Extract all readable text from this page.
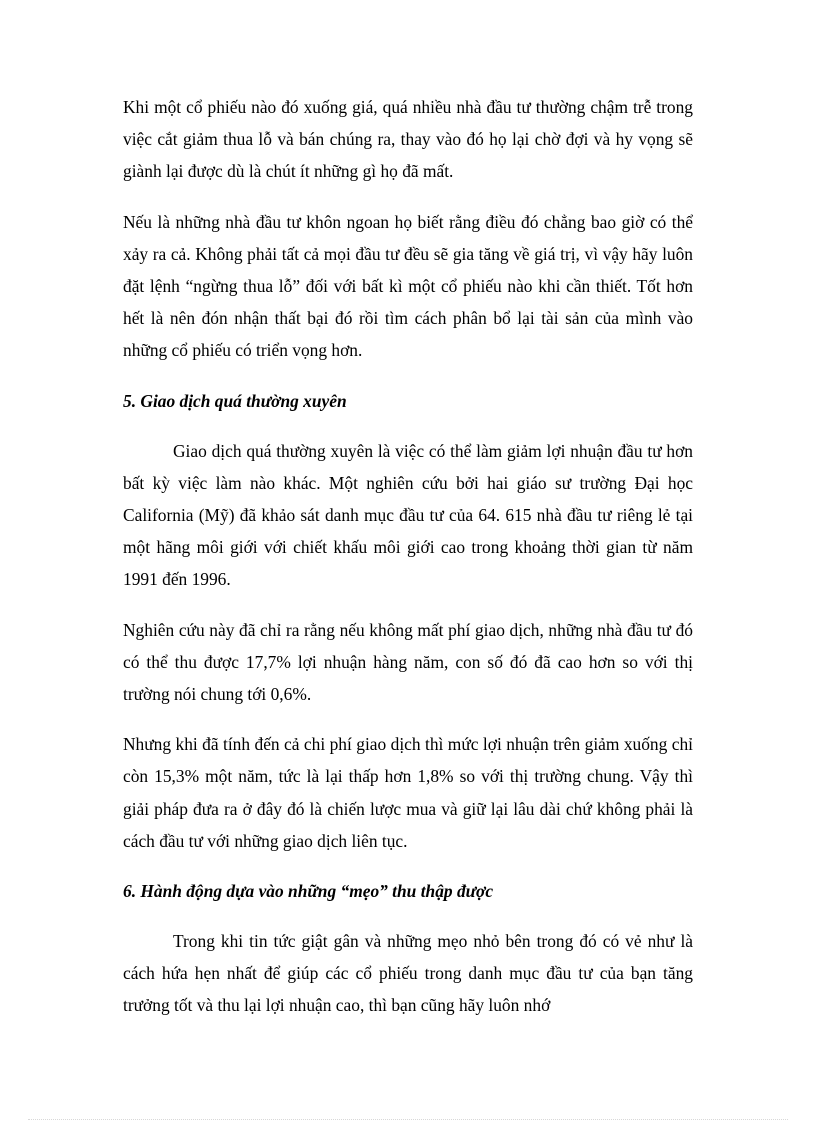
Khi một cổ phiếu nào đó xuống giá, quá nhiều nhà đầu tư thường chậm trễ trong việc cắt giảm thua lỗ và bán chúng ra, thay vào đó họ lại chờ đợi và hy vọng sẽ giành lại được dù là chút ít những gì họ đã mất.

Nếu là những nhà đầu tư khôn ngoan họ biết rằng điều đó chẳng bao giờ có thể xảy ra cả. Không phải tất cả mọi đầu tư đều sẽ gia tăng về giá trị, vì vậy hãy luôn đặt lệnh “ngừng thua lỗ” đối với bất kì một cổ phiếu nào khi cần thiết. Tốt hơn hết là nên đón nhận thất bại đó rồi tìm cách phân bổ lại tài sản của mình vào những cổ phiếu có triển vọng hơn.

5. Giao dịch quá thường xuyên

Giao dịch quá thường xuyên là việc có thể làm giảm lợi nhuận đầu tư hơn bất kỳ việc làm nào khác. Một nghiên cứu bởi hai giáo sư trường Đại học California (Mỹ) đã khảo sát danh mục đầu tư của 64. 615 nhà đầu tư riêng lẻ tại một hãng môi giới với chiết khấu môi giới cao trong khoảng thời gian từ năm 1991 đến 1996.

Nghiên cứu này đã chỉ ra rằng nếu không mất phí giao dịch, những nhà đầu tư đó có thể thu được 17,7% lợi nhuận hàng năm, con số đó đã cao hơn so với thị trường nói chung tới 0,6%.

Nhưng khi đã tính đến cả chi phí giao dịch thì mức lợi nhuận trên giảm xuống chỉ còn 15,3% một năm, tức là lại thấp hơn 1,8% so với thị trường chung. Vậy thì giải pháp đưa ra ở đây đó là chiến lược mua và giữ lại lâu dài chứ không phải là cách đầu tư với những giao dịch liên tục.

6. Hành động dựa vào những “mẹo” thu thập được

Trong khi tin tức giật gân và những mẹo nhỏ bên trong đó có vẻ như là cách hứa hẹn nhất để giúp các cổ phiếu trong danh mục đầu tư của bạn tăng trưởng tốt và thu lại lợi nhuận cao, thì bạn cũng hãy luôn nhớ
